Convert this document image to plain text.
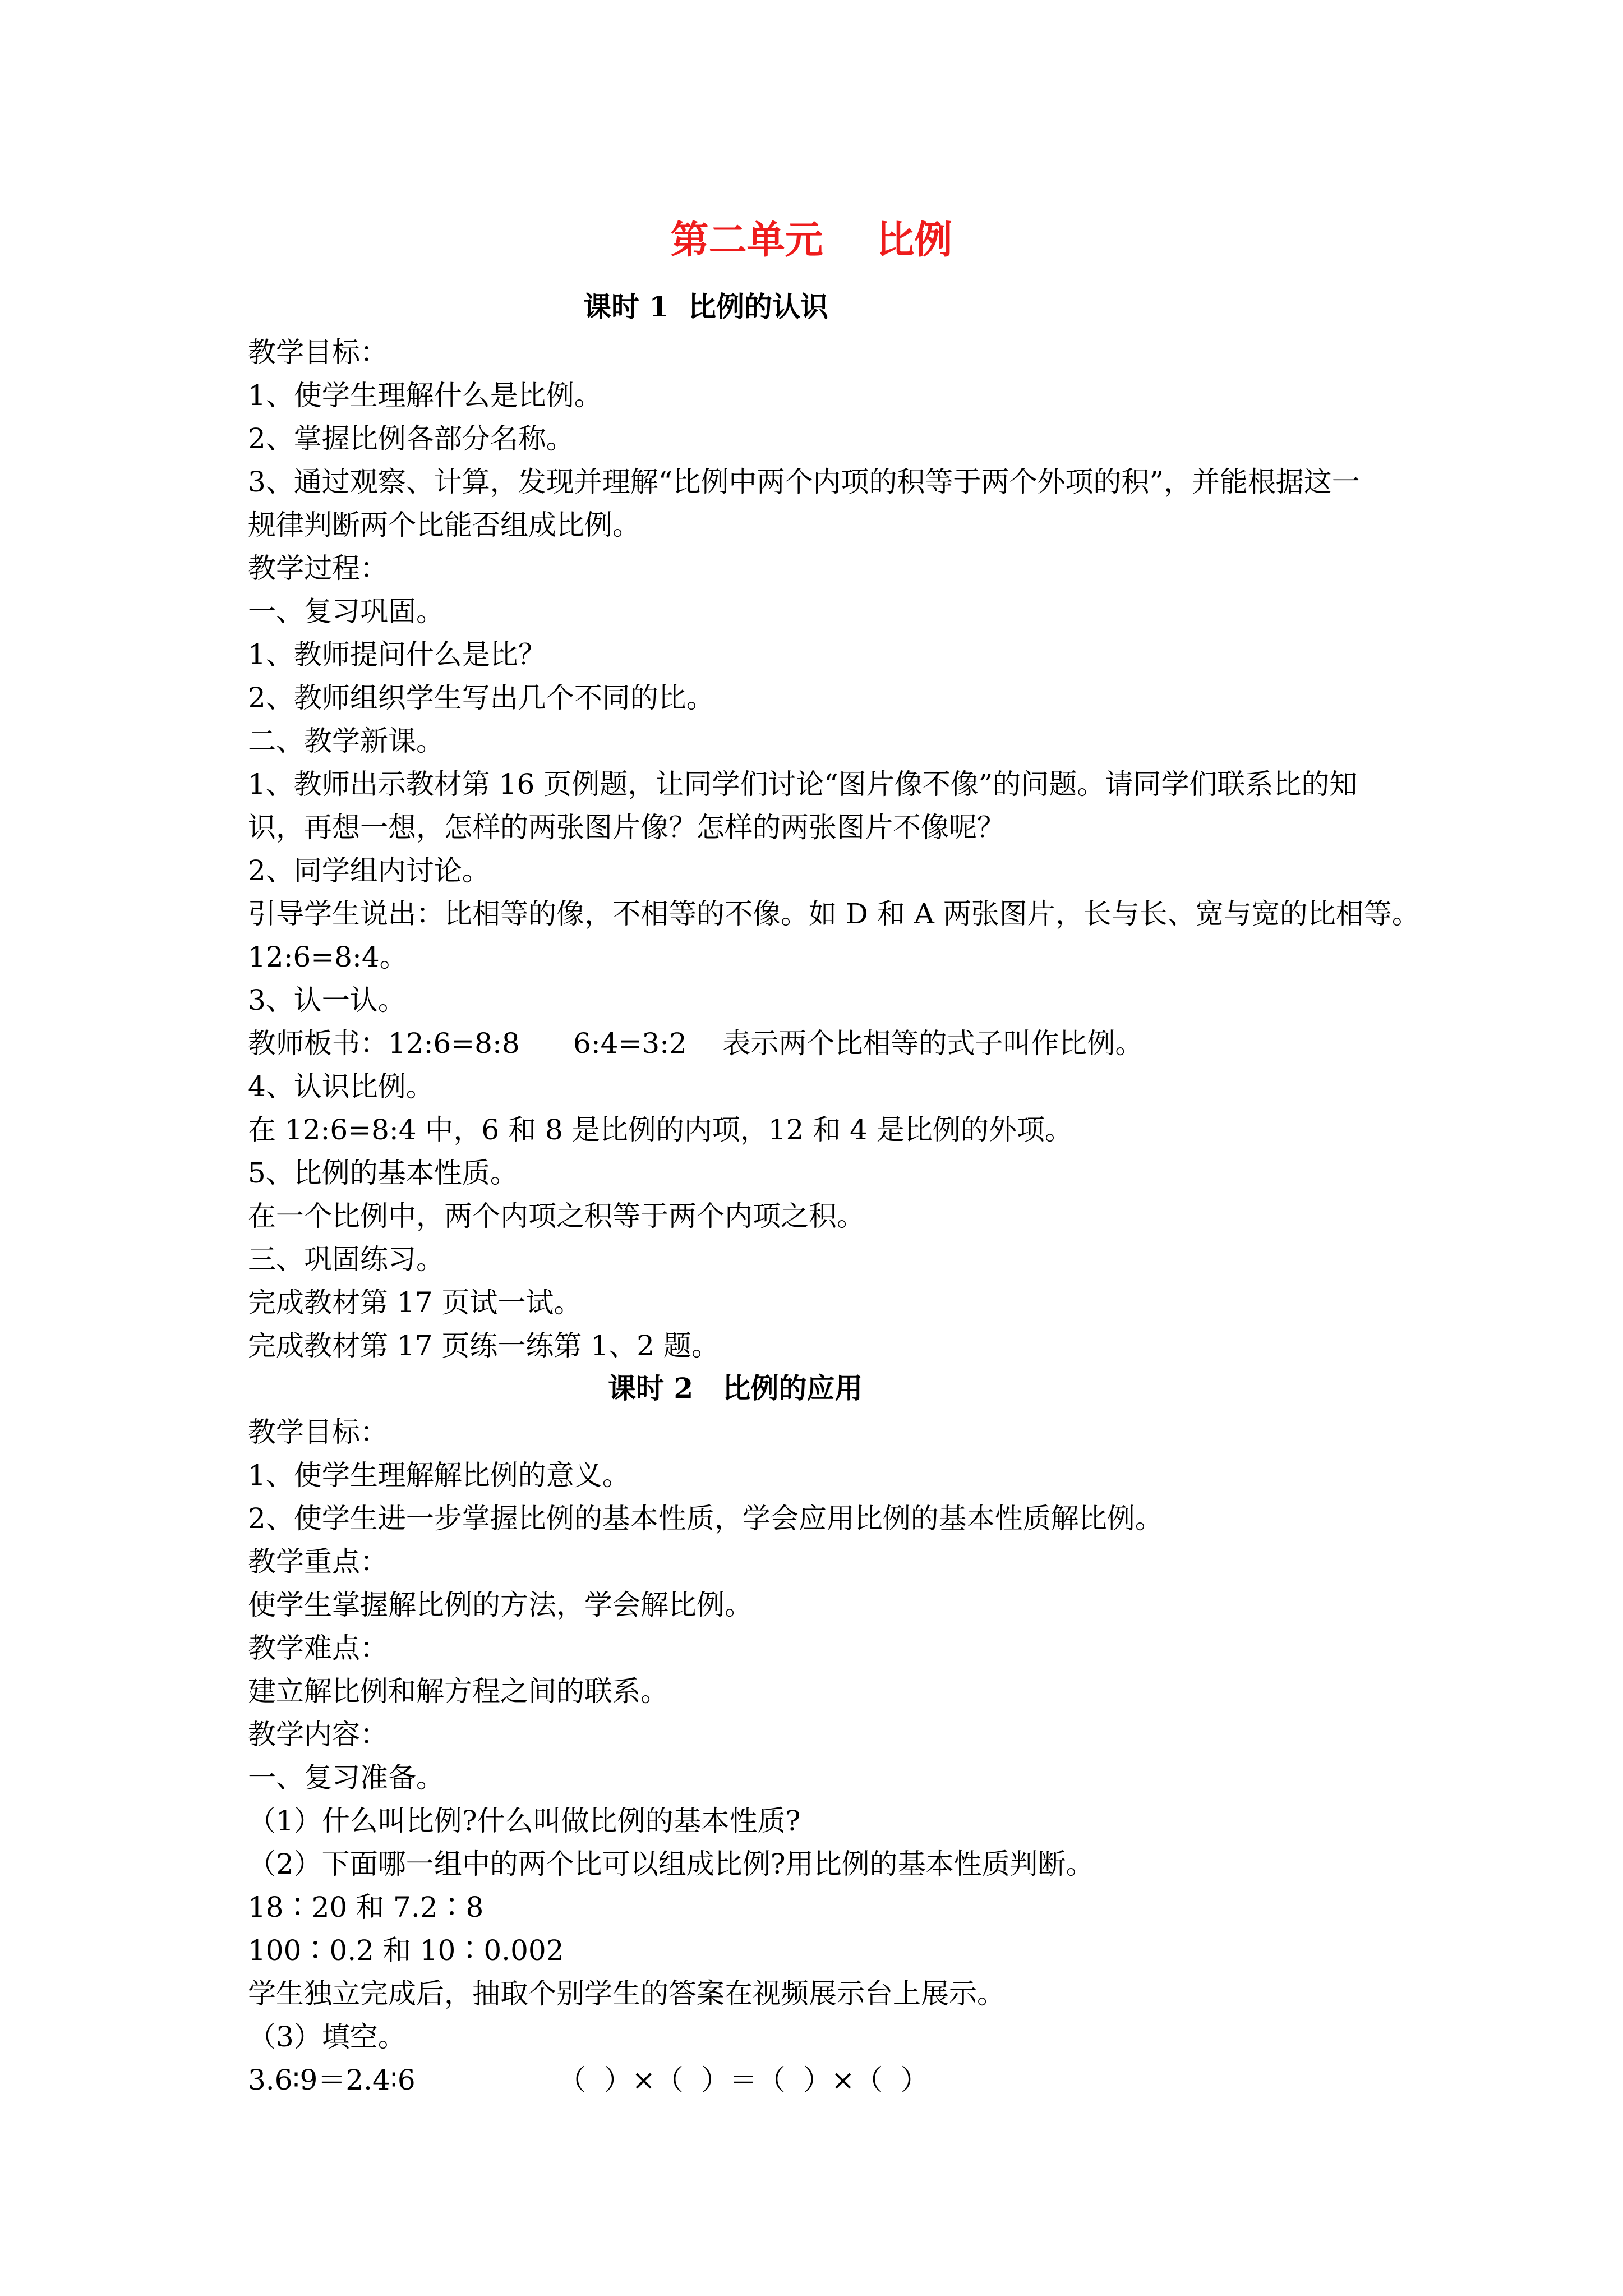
第二单元    比例
课时 1  比例的认识
教学目标：
1、使学生理解什么是比例。
2、掌握比例各部分名称。
3、通过观察、计算，发现并理解“比例中两个内项的积等于两个外项的积”，并能根据这一
规律判断两个比能否组成比例。
教学过程：
一、复习巩固。
1、教师提问什么是比？
2、教师组织学生写出几个不同的比。
二、教学新课。
1、教师出示教材第 16 页例题，让同学们讨论“图片像不像”的问题。请同学们联系比的知
识，再想一想，怎样的两张图片像？怎样的两张图片不像呢？
2、同学组内讨论。
引导学生说出：比相等的像，不相等的不像。如 D 和 A 两张图片，长与长、宽与宽的比相等。
12:6=8:4。
3、认一认。
教师板书：12:6=8:8      6:4=3:2    表示两个比相等的式子叫作比例。
4、认识比例。
在 12:6=8:4 中，6 和 8 是比例的内项，12 和 4 是比例的外项。
5、比例的基本性质。
在一个比例中，两个内项之积等于两个内项之积。
三、巩固练习。
完成教材第 17 页试一试。
完成教材第 17 页练一练第 1、2 题。
课时 2   比例的应用
教学目标：
1、使学生理解解比例的意义。
2、使学生进一步掌握比例的基本性质，学会应用比例的基本性质解比例。
教学重点：
使学生掌握解比例的方法，学会解比例。
教学难点：
建立解比例和解方程之间的联系。
教学内容：
一、复习准备。
（1）什么叫比例?什么叫做比例的基本性质?
（2）下面哪一组中的两个比可以组成比例?用比例的基本性质判断。
18∶20 和 7.2∶8
100∶0.2 和 10∶0.002
学生独立完成后，抽取个别学生的答案在视频展示台上展示。
（3）填空。
3.6∶9＝2.4∶6                （  ）×（  ）＝（  ）×（  ）
